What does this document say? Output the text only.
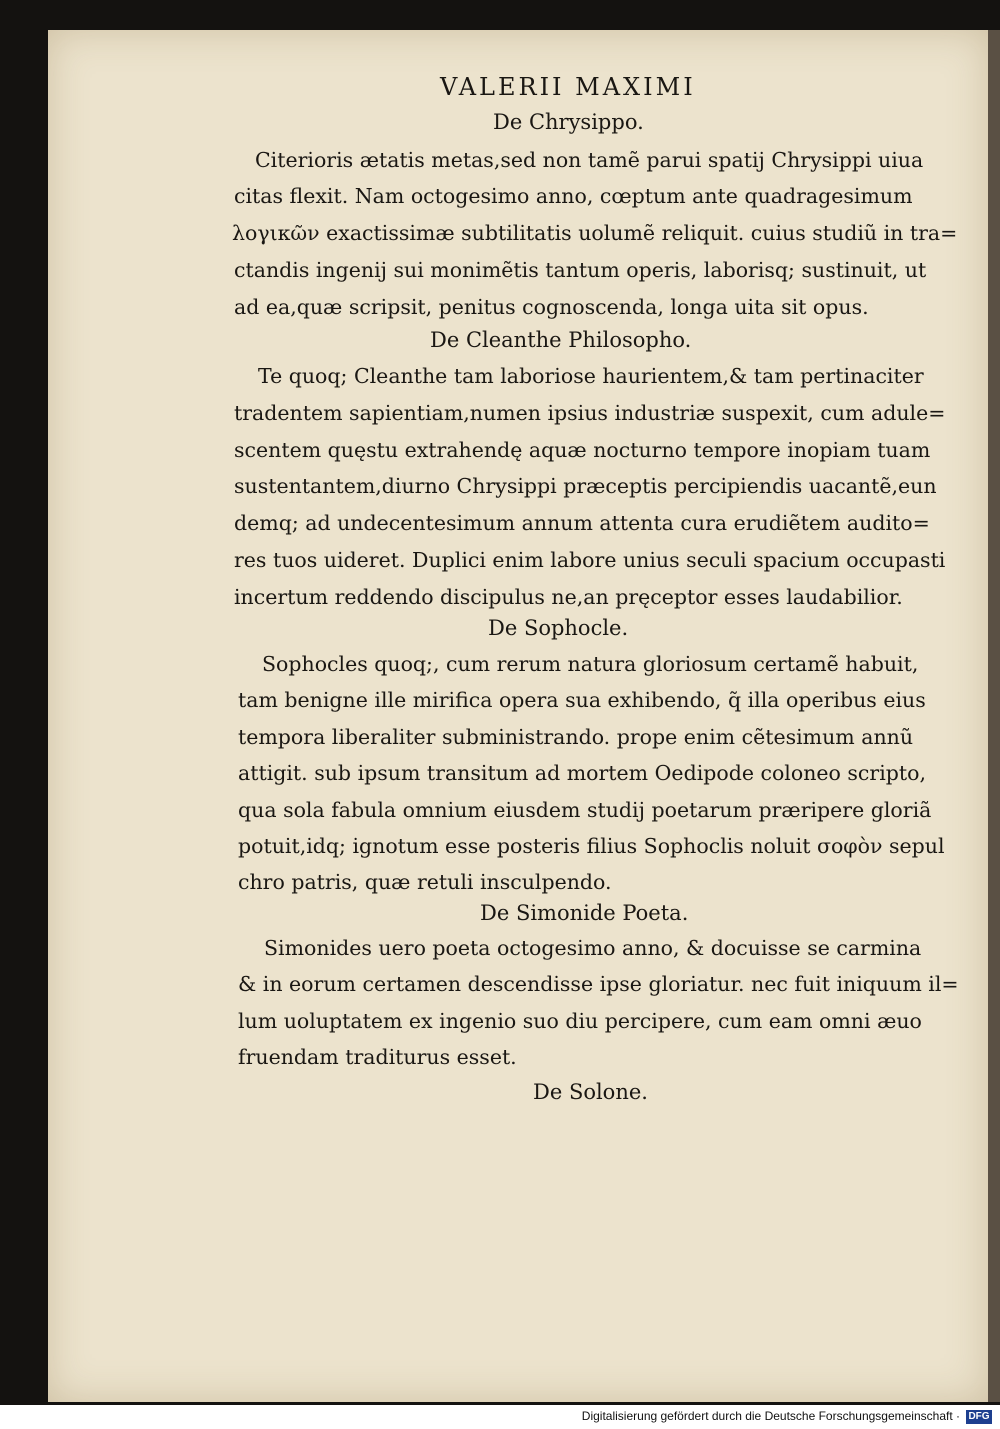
VALERII MAXIMI
De Chrysippo.
Citerioris ætatis metas,sed non tamẽ parui spatij Chrysippi uiua
citas flexit. Nam octogesimo anno, cœptum ante quadragesimum
λογικῶν exactissimæ subtilitatis uolumẽ reliquit. cuius studiũ in tra=
ctandis ingenij sui monimẽtis tantum operis, laborisq; sustinuit, ut
ad ea,quæ scripsit, penitus cognoscenda, longa uita sit opus.
De Cleanthe Philosopho.
Te quoq; Cleanthe tam laboriose haurientem,& tam pertinaciter
tradentem sapientiam,numen ipsius industriæ suspexit, cum adule=
scentem quęstu extrahendę aquæ nocturno tempore inopiam tuam
sustentantem,diurno Chrysippi præceptis percipiendis uacantẽ,eun
demq; ad undecentesimum annum attenta cura erudiẽtem audito=
res tuos uideret. Duplici enim labore unius seculi spacium occupasti
incertum reddendo discipulus ne,an pręceptor esses laudabilior.
De Sophocle.
Sophocles quoq;, cum rerum natura gloriosum certamẽ habuit,
tam benigne ille mirifica opera sua exhibendo, q̃ illa operibus eius
tempora liberaliter subministrando. prope enim cẽtesimum annũ
attigit. sub ipsum transitum ad mortem Oedipode coloneo scripto,
qua sola fabula omnium eiusdem studij poetarum præripere gloriã
potuit,idq; ignotum esse posteris filius Sophoclis noluit σοφὸν sepul
chro patris, quæ retuli insculpendo.
De Simonide Poeta.
Simonides uero poeta octogesimo anno, & docuisse se carmina
& in eorum certamen descendisse ipse gloriatur. nec fuit iniquum il=
lum uoluptatem ex ingenio suo diu percipere, cum eam omni æuo
fruendam traditurus esset.
De Solone.
Digitalisierung gefördert durch die Deutsche Forschungsgemeinschaft · DFG
